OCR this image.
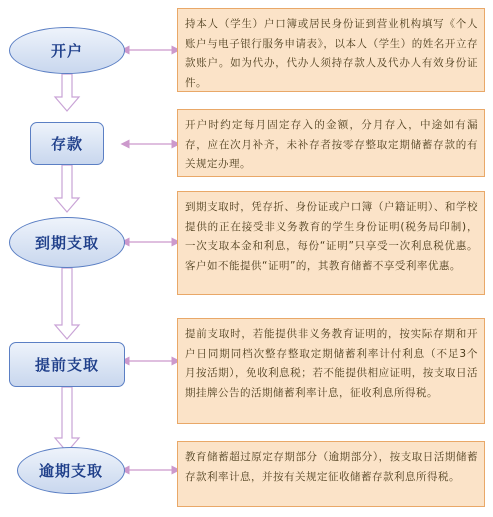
开户
存款
到期支取
提前支取
逾期支取
持本人（学生）户口簿或居民身份证到营业机构填写《个人账户与电子银行服务申请表》，以本人（学生）的姓名开立存款账户。如为代办，代办人须持存款人及代办人有效身份证件。
开户时约定每月固定存入的金额，分月存入，中途如有漏存，应在次月补齐，未补存者按零存整取定期储蓄存款的有关规定办理。
到期支取时，凭存折、身份证或户口簿（户籍证明）、和学校提供的正在接受非义务教育的学生身份证明(税务局印制)，一次支取本金和利息，每份“证明”只享受一次利息税优惠。客户如不能提供“证明”的，其教育储蓄不享受利率优惠。
提前支取时，若能提供非义务教育证明的，按实际存期和开户日同期同档次整存整取定期储蓄利率计付利息（不足3个月按活期），免收利息税；若不能提供相应证明，按支取日活期挂牌公告的活期储蓄利率计息，征收利息所得税。
教育储蓄超过原定存期部分（逾期部分），按支取日活期储蓄存款利率计息，并按有关规定征收储蓄存款利息所得税。
